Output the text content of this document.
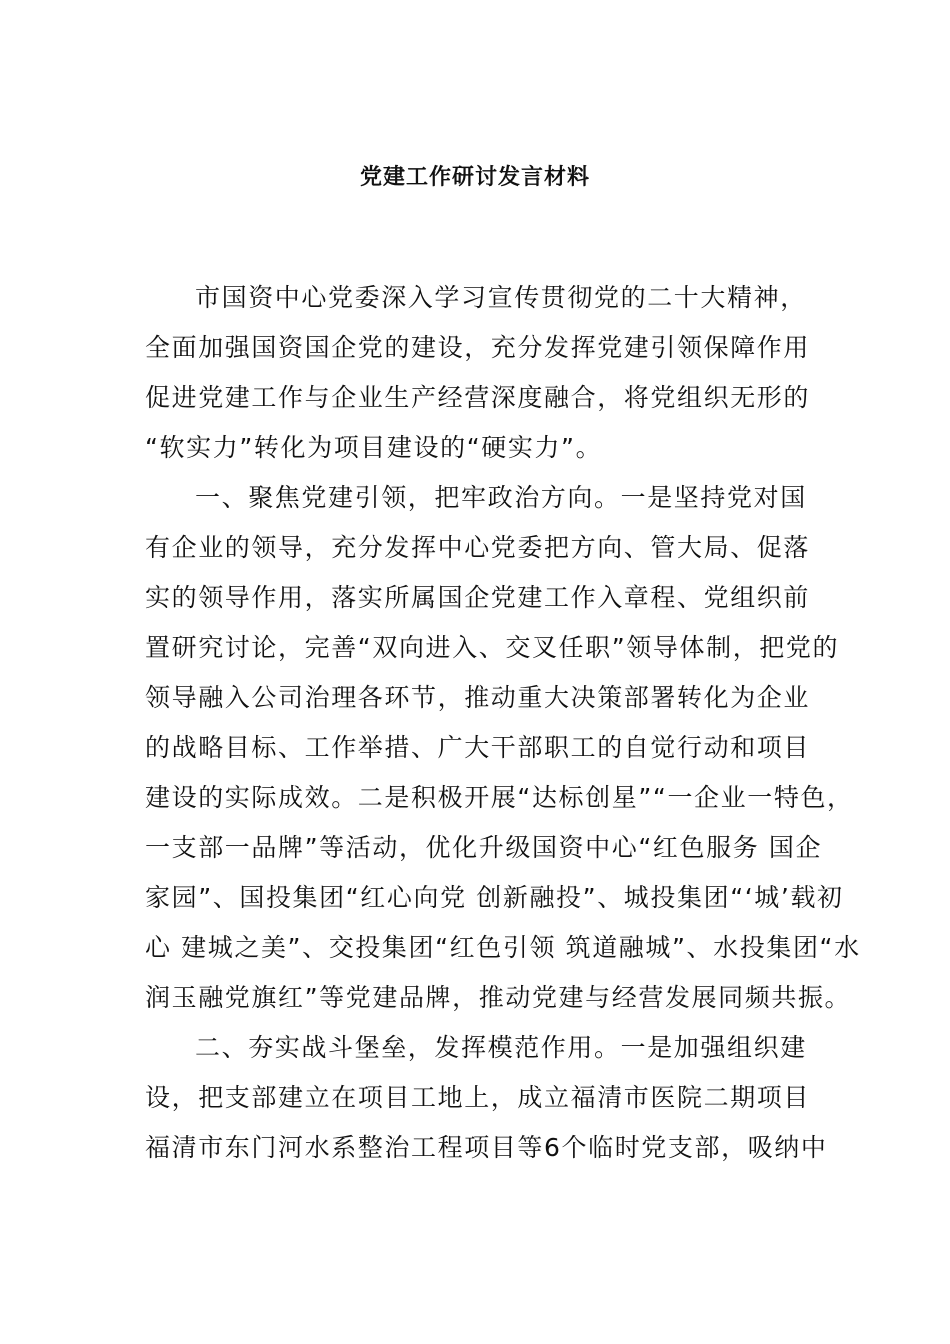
党建工作研讨发言材料
市国资中心党委深入学习宣传贯彻党的二十大精神，
全面加强国资国企党的建设，充分发挥党建引领保障作用
促进党建工作与企业生产经营深度融合，将党组织无形的
“软实力”转化为项目建设的“硬实力”。
一、聚焦党建引领，把牢政治方向。一是坚持党对国
有企业的领导，充分发挥中心党委把方向、管大局、促落
实的领导作用，落实所属国企党建工作入章程、党组织前
置研究讨论，完善“双向进入、交叉任职”领导体制，把党的
领导融入公司治理各环节，推动重大决策部署转化为企业
的战略目标、工作举措、广大干部职工的自觉行动和项目
建设的实际成效。二是积极开展“达标创星”“一企业一特色，
一支部一品牌”等活动，优化升级国资中心“红色服务 国企
家园”、国投集团“红心向党 创新融投”、城投集团“‘城’载初
心 建城之美”、交投集团“红色引领 筑道融城”、水投集团“水
润玉融党旗红”等党建品牌，推动党建与经营发展同频共振。
二、夯实战斗堡垒，发挥模范作用。一是加强组织建
设，把支部建立在项目工地上，成立福清市医院二期项目
福清市东门河水系整治工程项目等6个临时党支部，吸纳中
